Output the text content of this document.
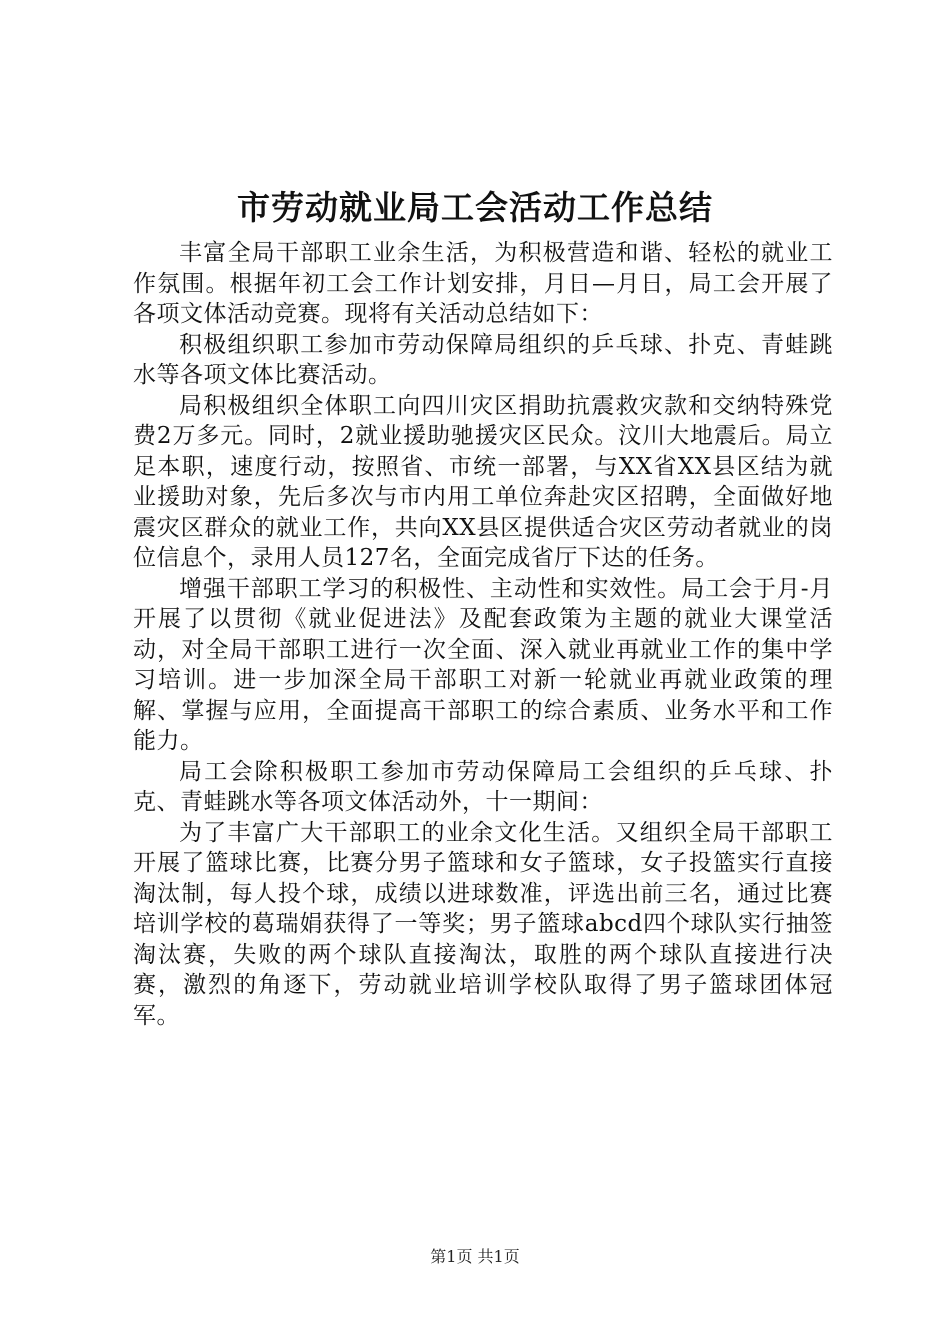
市劳动就业局工会活动工作总结

丰富全局干部职工业余生活，为积极营造和谐、轻松的就业工作氛围。根据年初工会工作计划安排，月日—月日，局工会开展了各项文体活动竞赛。现将有关活动总结如下：

积极组织职工参加市劳动保障局组织的乒乓球、扑克、青蛙跳水等各项文体比赛活动。

局积极组织全体职工向四川灾区捐助抗震救灾款和交纳特殊党费2万多元。同时，2就业援助驰援灾区民众。汶川大地震后。局立足本职，速度行动，按照省、市统一部署，与XX省XX县区结为就业援助对象，先后多次与市内用工单位奔赴灾区招聘，全面做好地震灾区群众的就业工作，共向XX县区提供适合灾区劳动者就业的岗位信息个，录用人员127名，全面完成省厅下达的任务。

增强干部职工学习的积极性、主动性和实效性。局工会于月-月开展了以贯彻《就业促进法》及配套政策为主题的就业大课堂活动，对全局干部职工进行一次全面、深入就业再就业工作的集中学习培训。进一步加深全局干部职工对新一轮就业再就业政策的理解、掌握与应用，全面提高干部职工的综合素质、业务水平和工作能力。

局工会除积极职工参加市劳动保障局工会组织的乒乓球、扑克、青蛙跳水等各项文体活动外，十一期间：

为了丰富广大干部职工的业余文化生活。又组织全局干部职工开展了篮球比赛，比赛分男子篮球和女子篮球，女子投篮实行直接淘汰制，每人投个球，成绩以进球数准，评选出前三名，通过比赛培训学校的葛瑞娟获得了一等奖；男子篮球abcd四个球队实行抽签淘汰赛，失败的两个球队直接淘汰，取胜的两个球队直接进行决赛，激烈的角逐下，劳动就业培训学校队取得了男子篮球团体冠军。

第1页 共1页
